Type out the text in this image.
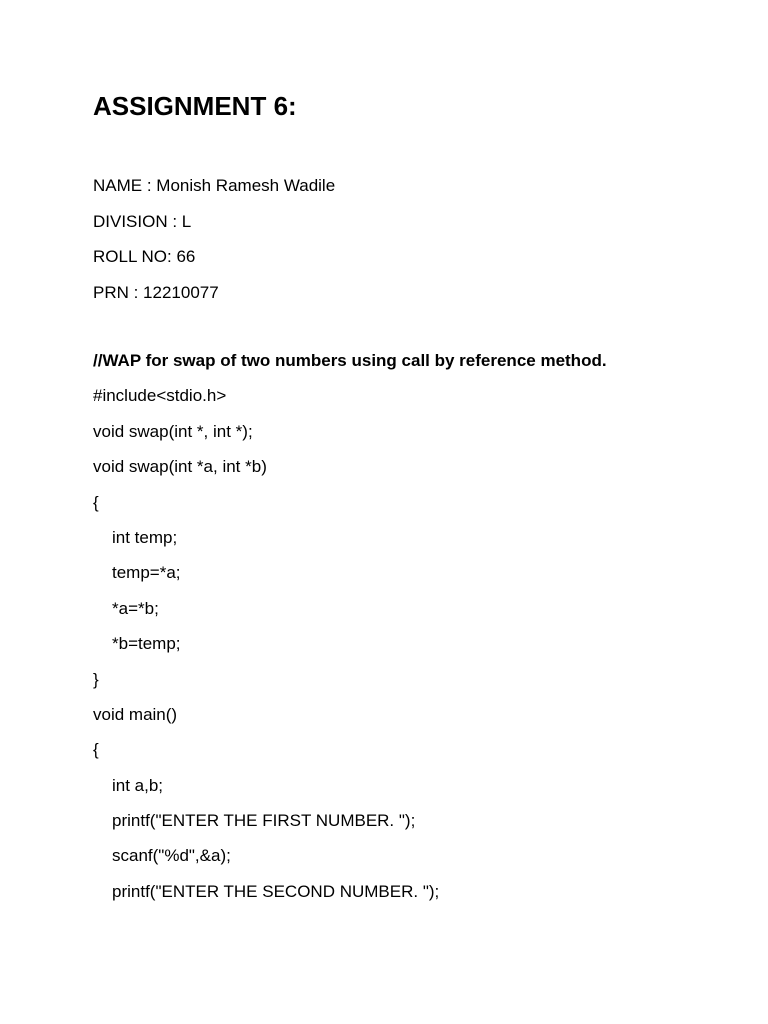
ASSIGNMENT 6:
NAME : Monish Ramesh Wadile
DIVISION : L
ROLL NO: 66
PRN : 12210077
//WAP for swap of two numbers using call by reference method.
#include<stdio.h>
void swap(int *, int *);
void swap(int *a, int *b)
{
int temp;
temp=*a;
*a=*b;
*b=temp;
}
void main()
{
int a,b;
printf("ENTER THE FIRST NUMBER. ");
scanf("%d",&a);
printf("ENTER THE SECOND NUMBER. ");
